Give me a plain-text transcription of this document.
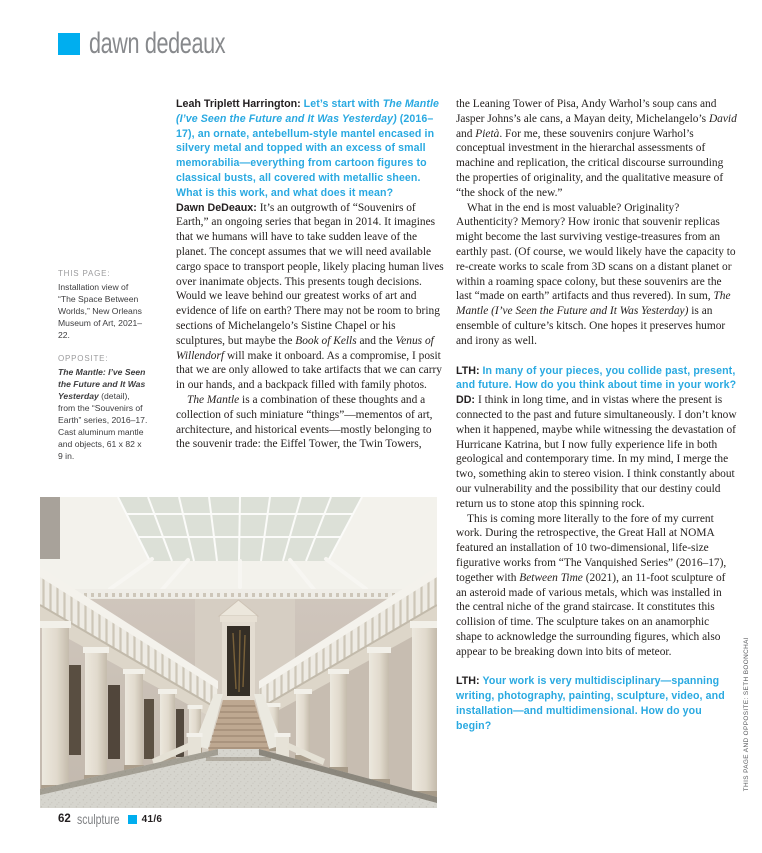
dawn dedeaux

THIS PAGE:

Installation view of “The Space Between Worlds,” New Orleans Museum of Art, 2021–22.

OPPOSITE:

The Mantle: I’ve Seen the Future and It Was Yesterday (detail), from the “Souvenirs of Earth” series, 2016–17. Cast aluminum mantle and objects, 61 x 82 x 9 in.

Leah Triplett Harrington: Let’s start with The Mantle (I’ve Seen the Future and It Was Yesterday) (2016–17), an ornate, antebellum-style mantel encased in silvery metal and topped with an excess of small memorabilia—everything from cartoon figures to classical busts, all covered with metallic sheen. What is this work, and what does it mean?

Dawn DeDeaux: It’s an outgrowth of “Souvenirs of Earth,” an ongoing series that began in 2014. It imagines that we humans will have to take sudden leave of the planet. The concept assumes that we will need available cargo space to transport people, likely placing human lives over inanimate objects. This presents tough decisions. Would we leave behind our greatest works of art and evidence of life on earth? There may not be room to bring sections of Michelangelo’s Sistine Chapel or his sculptures, but maybe the Book of Kells and the Venus of Willendorf will make it onboard. As a compromise, I posit that we are only allowed to take artifacts that we can carry in our hands, and a backpack filled with family photos.

The Mantle is a combination of these thoughts and a collection of such miniature “things”—mementos of art, architecture, and historical events—mostly belonging to the souvenir trade: the Eiffel Tower, the Twin Towers,

the Leaning Tower of Pisa, Andy Warhol’s soup cans and Jasper Johns’s ale cans, a Mayan deity, Michelangelo’s David and Pietà. For me, these souvenirs conjure Warhol’s conceptual investment in the hierarchal assessments of machine and replication, the critical discourse surrounding the properties of originality, and the qualitative measure of “the shock of the new.”

What in the end is most valuable? Originality? Authenticity? Memory? How ironic that souvenir replicas might become the last surviving vestige-treasures from an earthly past. (Of course, we would likely have the capacity to re-create works to scale from 3D scans on a distant planet or within a roaming space colony, but these souvenirs are the last “made on earth” artifacts and thus revered). In sum, The Mantle (I’ve Seen the Future and It Was Yesterday) is an ensemble of culture’s kitsch. One hopes it preserves humor and irony as well.

LTH: In many of your pieces, you collide past, present, and future. How do you think about time in your work?

DD: I think in long time, and in vistas where the present is connected to the past and future simultaneously. I don’t know when it happened, maybe while witnessing the devastation of Hurricane Katrina, but I now fully experience life in both geological and contemporary time. In my mind, I merge the two, something akin to stereo vision. I think constantly about our vulnerability and the possibility that our destiny could return us to stone atop this spinning rock.

This is coming more literally to the fore of my current work. During the retrospective, the Great Hall at NOMA featured an installation of 10 two-dimensional, life-size figurative works from “The Vanquished Series” (2016–17), together with Between Time (2021), an 11-foot sculpture of an asteroid made of various metals, which was installed in the central niche of the grand staircase. It constitutes this collision of time. The sculpture takes on an anamorphic shape to acknowledge the surrounding figures, which also appear to be breaking down into bits of meteor.

LTH: Your work is very multidisciplinary—spanning writing, photography, painting, sculpture, video, and installation—and multidimensional. How do you begin?

62 sculpture 41/6
THIS PAGE AND OPPOSITE: SETH BOONCHAI
